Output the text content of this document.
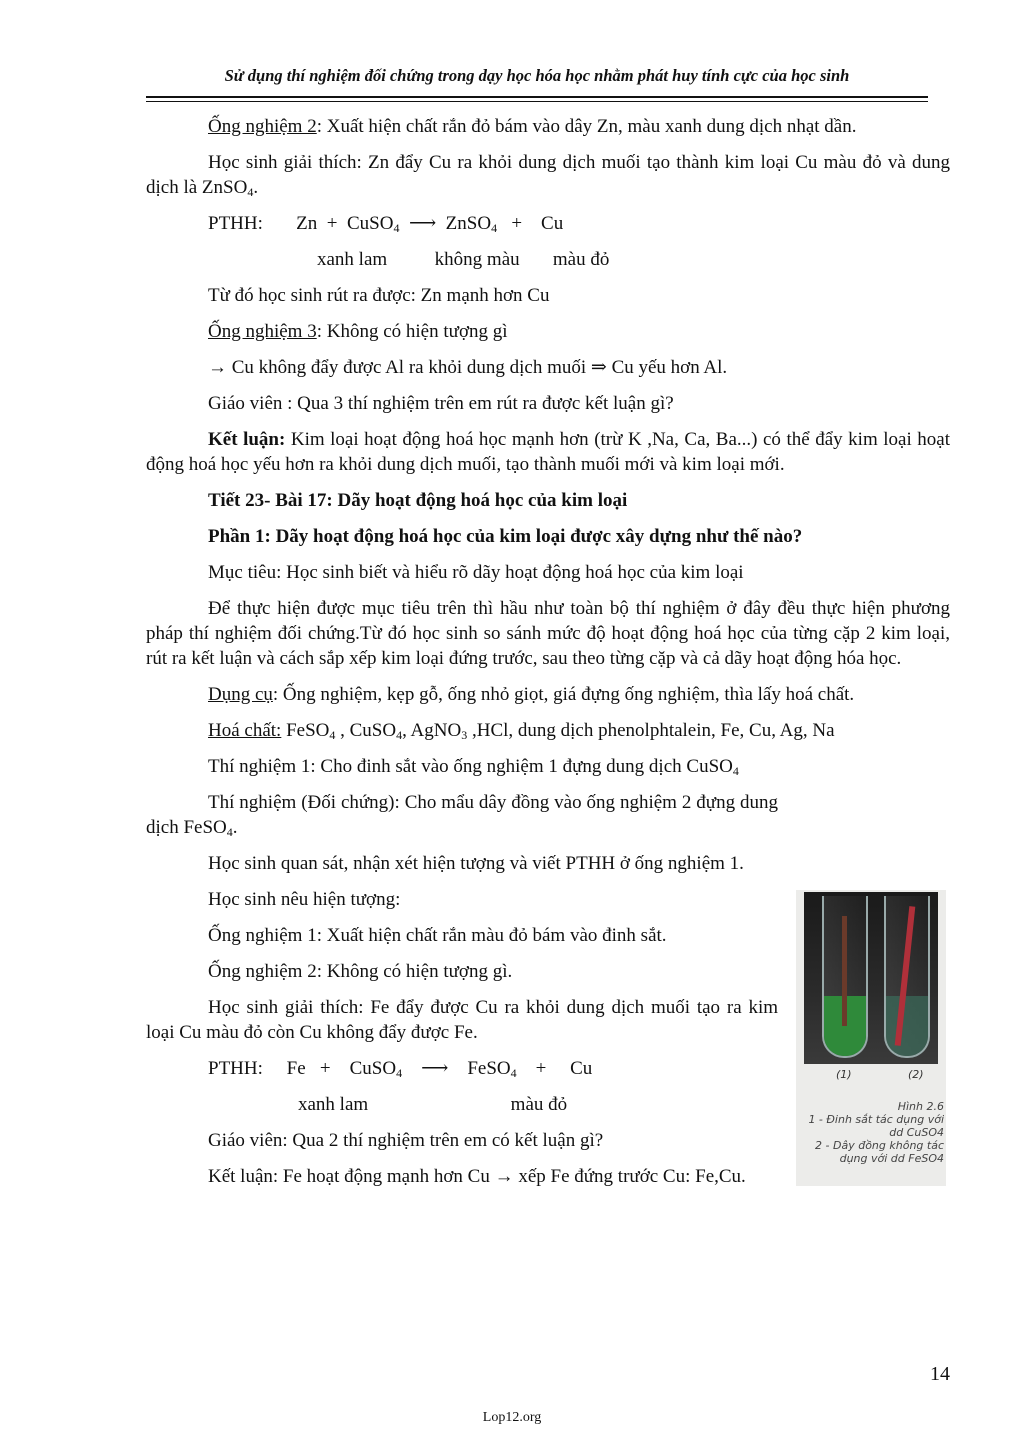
Sử dụng thí nghiệm đối chứng trong dạy học hóa học nhằm phát huy tính cực của học sinh

Ống nghiệm 2: Xuất hiện chất rắn đỏ bám vào dây Zn, màu xanh dung dịch nhạt dần.

Học sinh giải thích: Zn đẩy Cu ra khỏi dung dịch muối tạo thành kim loại Cu màu đỏ và dung dịch là ZnSO$_4$.

PTHH:       Zn  +  CuSO$_4$  ⟶  ZnSO$_4$   +    Cu
xanh lam          không màu       màu đỏ

Từ đó học sinh rút ra được: Zn mạnh hơn Cu

Ống nghiệm 3: Không có hiện tượng gì

→ Cu không đẩy được Al ra khỏi dung dịch muối ⇒ Cu yếu hơn Al.

Giáo viên : Qua 3 thí nghiệm trên em rút ra được kết luận gì?

Kết luận: Kim loại hoạt động hoá học mạnh hơn (trừ K ,Na, Ca, Ba...) có thể đẩy kim loại hoạt động hoá học yếu hơn ra khỏi dung dịch muối, tạo thành muối mới và kim loại mới.

Tiết 23- Bài 17: Dãy hoạt động hoá học của kim loại

Phần 1: Dãy hoạt động hoá học của kim loại được xây dựng như thế nào?

Mục tiêu: Học sinh biết và hiểu rõ dãy hoạt động hoá học của kim loại

Để thực hiện được mục tiêu trên thì hầu như toàn bộ thí nghiệm ở đây đều thực hiện phương pháp thí nghiệm đối chứng.Từ đó học sinh so sánh mức độ hoạt động hoá học của từng cặp 2 kim loại, rút ra kết luận và cách sắp xếp kim loại đứng trước, sau theo từng cặp và cả dãy hoạt động hóa học.

Dụng cụ: Ống nghiệm, kẹp gỗ, ống nhỏ giọt, giá đựng ống nghiệm, thìa lấy hoá chất.

Hoá chất: FeSO$_4$ , CuSO$_4$, AgNO$_3$ ,HCl, dung dịch phenolphtalein, Fe, Cu, Ag, Na

Thí nghiệm 1: Cho đinh sắt vào ống nghiệm 1 đựng dung dịch CuSO$_4$

Thí nghiệm (Đối chứng): Cho mẩu dây đồng vào ống nghiệm 2 đựng dung dịch FeSO$_4$.

Học sinh quan sát, nhận xét hiện tượng và viết PTHH ở ống nghiệm 1.

Học sinh nêu hiện tượng:

Ống nghiệm 1: Xuất hiện chất rắn màu đỏ bám vào đinh sắt.

Ống nghiệm 2: Không có hiện tượng gì.

Học sinh giải thích: Fe đẩy được Cu ra khỏi dung dịch muối tạo ra kim loại Cu màu đỏ còn Cu không đẩy được Fe.

PTHH:     Fe   +    CuSO$_4$    ⟶    FeSO$_4$    +     Cu
xanh lam                              màu đỏ

Giáo viên: Qua 2 thí nghiệm trên em có kết luận gì?

Kết luận: Fe hoạt động mạnh hơn Cu → xếp Fe đứng trước Cu: Fe,Cu.

(1)	(2)
Hình 2.6
1 - Đinh sắt tác dụng với dd CuSO4
2 - Dây đồng không tác dụng với dd FeSO4
14
Lop12.org
